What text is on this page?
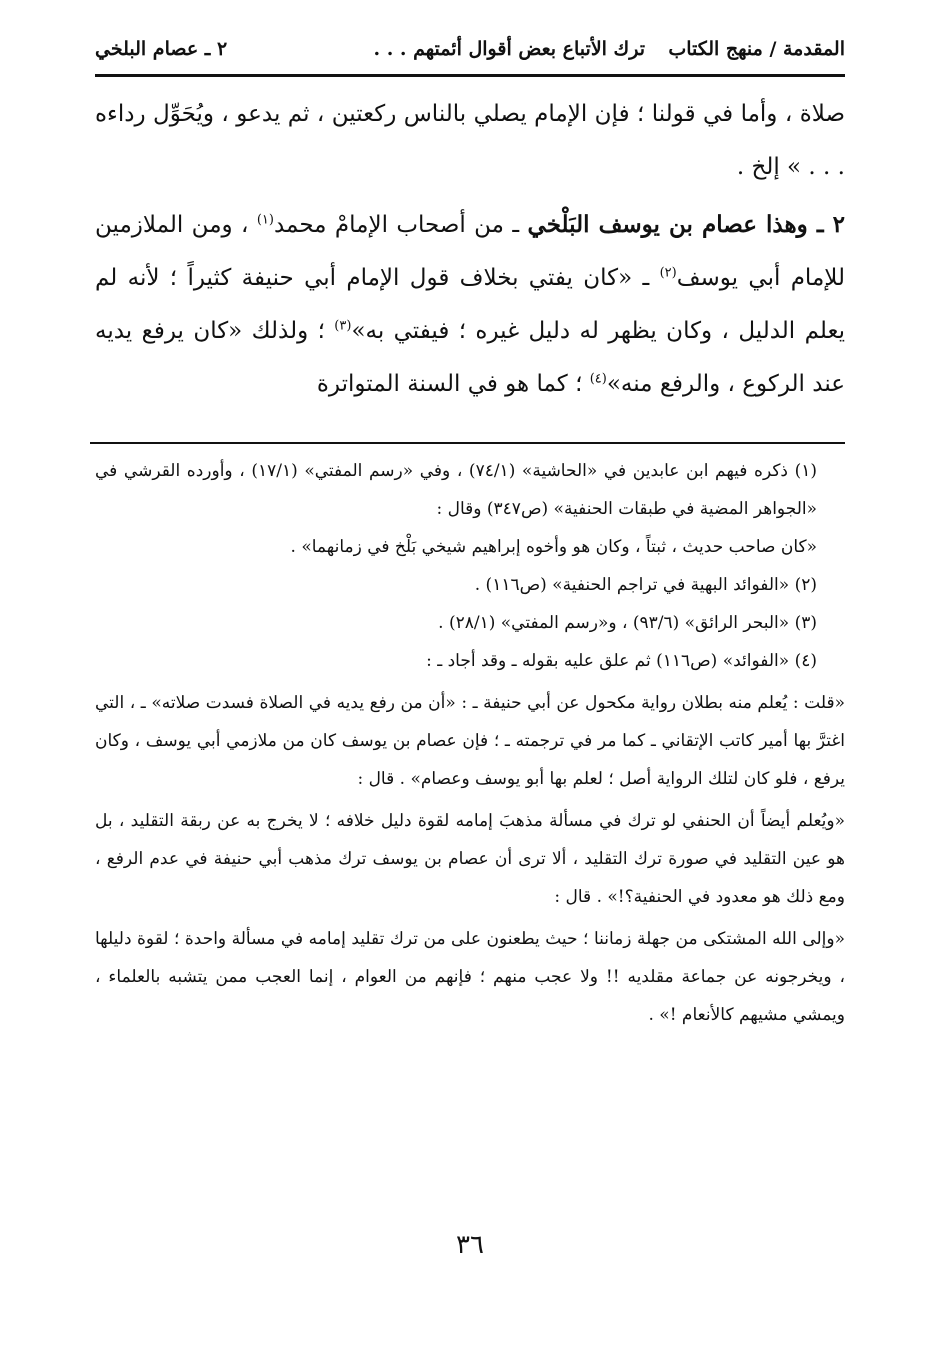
المقدمة / منهج الكتاب
ترك الأتباع بعض أقوال أئمتهم . . .
٢ ـ عصام البلخي

صلاة ، وأما في قولنا ؛ فإن الإمام يصلي بالناس ركعتين ، ثم يدعو ، ويُحَوِّل رداءه . . . » إلخ .

٢ ـ وهذا عصام بن يوسف البَلْخي ـ من أصحاب الإمامْ محمد$^{(١)}$ ، ومن الملازمين للإمام أبي يوسف$^{(٢)}$ ـ «كان يفتي بخلاف قول الإمام أبي حنيفة كثيراً ؛ لأنه لم يعلم الدليل ، وكان يظهر له دليل غيره ؛ فيفتي به»$^{(٣)}$ ؛ ولذلك «كان يرفع يديه عند الركوع ، والرفع منه»$^{(٤)}$ ؛ كما هو في السنة المتواترة

(١) ذكره فيهم ابن عابدين في «الحاشية» (٧٤/١) ، وفي «رسم المفتي» (١٧/١) ، وأورده القرشي في «الجواهر المضية في طبقات الحنفية» (ص٣٤٧) وقال :

«كان صاحب حديث ، ثبتاً ، وكان هو وأخوه إبراهيم شيخي بَلْخ في زمانهما» .

(٢) «الفوائد البهية في تراجم الحنفية» (ص١١٦) .

(٣) «البحر الرائق» (٩٣/٦) ، و«رسم المفتي» (٢٨/١) .

(٤) «الفوائد» (ص١١٦) ثم علق عليه بقوله ـ وقد أجاد ـ :

«قلت : يُعلم منه بطلان رواية مكحول عن أبي حنيفة ـ : «أن من رفع يديه في الصلاة فسدت صلاته» ـ ، التي اغترَّ بها أمير كاتب الإتقاني ـ كما مر في ترجمته ـ ؛ فإن عصام بن يوسف كان من ملازمي أبي يوسف ، وكان يرفع ، فلو كان لتلك الرواية أصل ؛ لعلم بها أبو يوسف وعصام» . قال :

«ويُعلم أيضاً أن الحنفي لو ترك في مسألة مذهبَ إمامه لقوة دليل خلافه ؛ لا يخرج به عن ربقة التقليد ، بل هو عين التقليد في صورة ترك التقليد ، ألا ترى أن عصام بن يوسف ترك مذهب أبي حنيفة في عدم الرفع ، ومع ذلك هو معدود في الحنفية؟!» . قال :

«وإلى الله المشتكى من جهلة زماننا ؛ حيث يطعنون على من ترك تقليد إمامه في مسألة واحدة ؛ لقوة دليلها ، ويخرجونه عن جماعة مقلديه !! ولا عجب منهم ؛ فإنهم من العوام ، إنما العجب ممن يتشبه بالعلماء ، ويمشي مشيهم كالأنعام !» .

٣٦
